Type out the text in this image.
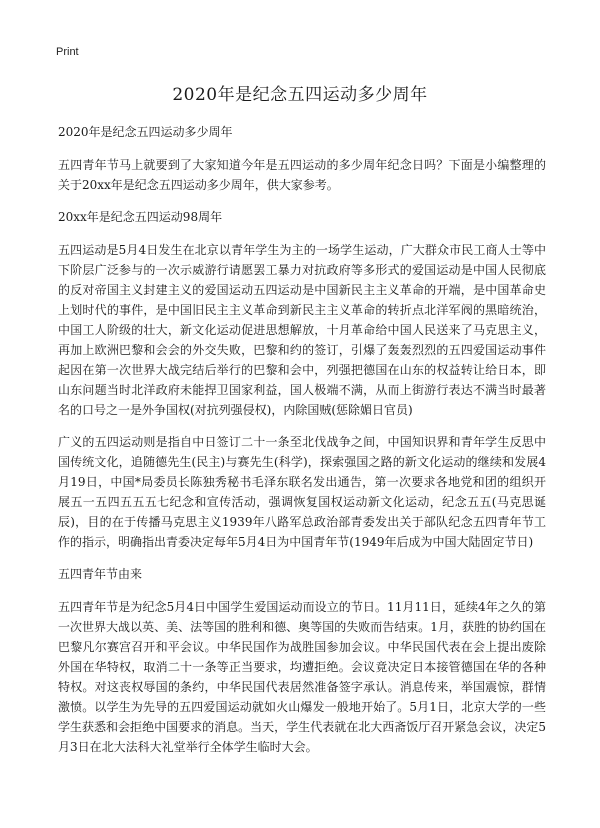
Print
2020年是纪念五四运动多少周年

2020年是纪念五四运动多少周年

五四青年节马上就要到了大家知道今年是五四运动的多少周年纪念日吗？下面是小编整理的关于20xx年是纪念五四运动多少周年，供大家参考。

20xx年是纪念五四运动98周年

五四运动是5月4日发生在北京以青年学生为主的一场学生运动，广大群众市民工商人士等中下阶层广泛参与的一次示威游行请愿罢工暴力对抗政府等多形式的爱国运动是中国人民彻底的反对帝国主义封建主义的爱国运动五四运动是中国新民主主义革命的开端，是中国革命史上划时代的事件，是中国旧民主主义革命到新民主主义革命的转折点北洋军阀的黑暗统治，中国工人阶级的壮大，新文化运动促进思想解放，十月革命给中国人民送来了马克思主义，再加上欧洲巴黎和会会的外交失败，巴黎和约的签订，引爆了轰轰烈烈的五四爱国运动事件起因在第一次世界大战完结后举行的巴黎和会中，列强把德国在山东的权益转让给日本，即山东问题当时北洋政府未能捍卫国家利益，国人极端不满，从而上街游行表达不满当时最著名的口号之一是外争国权(对抗列强侵权)，内除国贼(惩除媚日官员)

广义的五四运动则是指自中日签订二十一条至北伐战争之间，中国知识界和青年学生反思中国传统文化，追随德先生(民主)与赛先生(科学)，探索强国之路的新文化运动的继续和发展4月19日，中国*局委员长陈独秀秘书毛泽东联名发出通告，第一次要求各地党和团的组织开展五一五四五五五七纪念和宣传活动，强调恢复国权运动新文化运动，纪念五五(马克思诞辰)，目的在于传播马克思主义1939年八路军总政治部青委发出关于部队纪念五四青年节工作的指示，明确指出青委决定每年5月4日为中国青年节(1949年后成为中国大陆固定节日)

五四青年节由来

五四青年节是为纪念5月4日中国学生爱国运动而设立的节日。11月11日，延续4年之久的第一次世界大战以英、美、法等国的胜利和德、奥等国的失败而告结束。1月，获胜的协约国在巴黎凡尔赛宫召开和平会议。中华民国作为战胜国参加会议。中华民国代表在会上提出废除外国在华特权，取消二十一条等正当要求，均遭拒绝。会议竟决定日本接管德国在华的各种特权。对这丧权辱国的条约，中华民国代表居然准备签字承认。消息传来，举国震惊，群情激愤。以学生为先导的五四爱国运动就如火山爆发一般地开始了。5月1日，北京大学的一些学生获悉和会拒绝中国要求的消息。当天，学生代表就在北大西斋饭厅召开紧急会议，决定5月3日在北大法科大礼堂举行全体学生临时大会。
